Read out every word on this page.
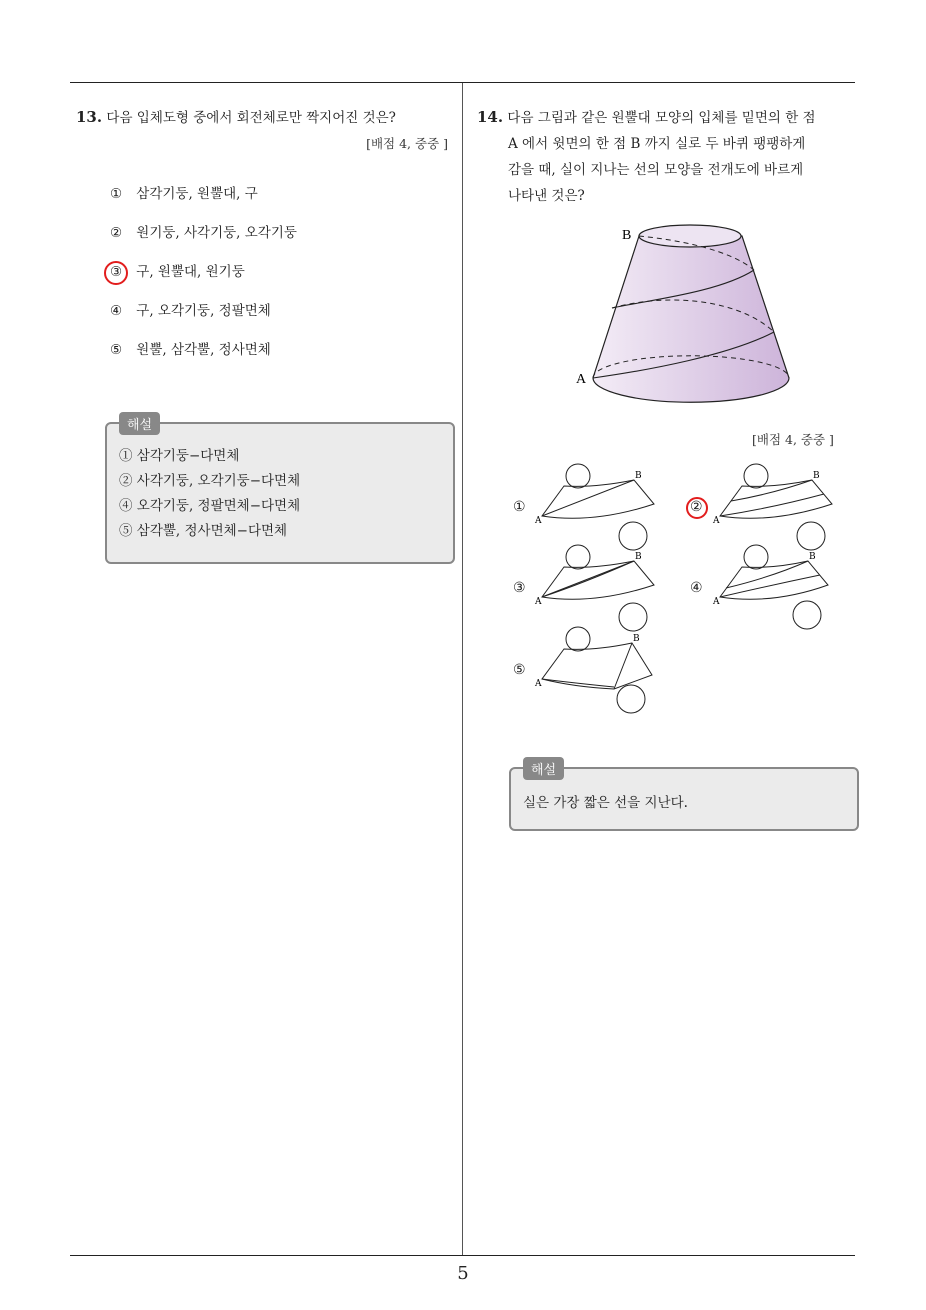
5
13. 다음 입체도형 중에서 회전체로만 짝지어진 것은?
[배점 4, 중중 ]
① 삼각기둥, 원뿔대, 구
② 원기둥, 사각기둥, 오각기둥
③ 구, 원뿔대, 원기둥
④ 구, 오각기둥, 정팔면체
⑤ 원뿔, 삼각뿔, 정사면체
해설
① 삼각기둥−다면체
② 사각기둥, 오각기둥−다면체
④ 오각기둥, 정팔면체−다면체
⑤ 삼각뿔, 정사면체−다면체
14. 다음 그림과 같은 원뿔대 모양의 입체를 밑면의 한 점
A 에서 윗면의 한 점 B 까지 실로 두 바퀴 팽팽하게
감을 때, 실이 지나는 선의 모양을 전개도에 바르게
나타낸 것은?
B
A
[배점 4, 중중 ]
①
A
B
②
A
B
③
A
B
④
A
B
⑤
A
B
해설
실은 가장 짧은 선을 지난다.
